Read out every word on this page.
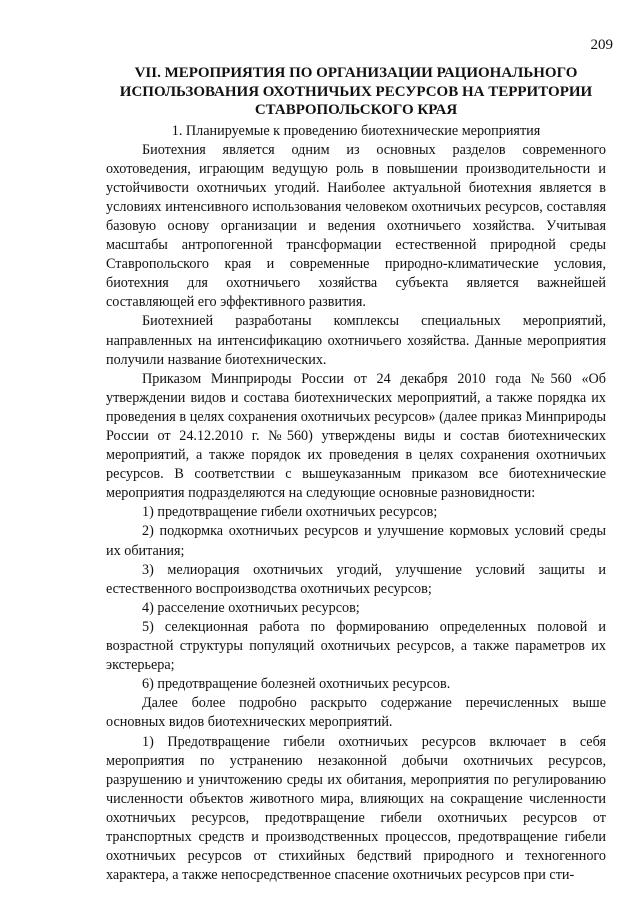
209
VII. МЕРОПРИЯТИЯ ПО ОРГАНИЗАЦИИ РАЦИОНАЛЬНОГО
ИСПОЛЬЗОВАНИЯ ОХОТНИЧЬИХ РЕСУРСОВ НА ТЕРРИТОРИИ
СТАВРОПОЛЬСКОГО КРАЯ

1. Планируемые к проведению биотехнические мероприятия

Биотехния является одним из основных разделов современного охотоведения, играющим ведущую роль в повышении производительности и устойчивости охотничьих угодий. Наиболее актуальной биотехния является в условиях интенсивного использования человеком охотничьих ресурсов, составляя базовую основу организации и ведения охотничьего хозяйства. Учитывая масштабы антропогенной трансформации естественной природной среды Ставропольского края и современные природно-климатические условия, биотехния для охотничьего хозяйства субъекта является важнейшей составляющей его эффективного развития.

Биотехнией разработаны комплексы специальных мероприятий, направленных на интенсификацию охотничьего хозяйства. Данные мероприятия получили название биотехнических.

Приказом Минприроды России от 24 декабря 2010 года №560 «Об утверждении видов и состава биотехнических мероприятий, а также порядка их проведения в целях сохранения охотничьих ресурсов» (далее приказ Минприроды России от 24.12.2010 г. №560) утверждены виды и состав биотехнических мероприятий, а также порядок их проведения в целях сохранения охотничьих ресурсов. В соответствии с вышеуказанным приказом все биотехнические мероприятия подразделяются на следующие основные разновидности:

1) предотвращение гибели охотничьих ресурсов;

2) подкормка охотничьих ресурсов и улучшение кормовых условий среды их обитания;

3) мелиорация охотничьих угодий, улучшение условий защиты и естественного воспроизводства охотничьих ресурсов;

4) расселение охотничьих ресурсов;

5) селекционная работа по формированию определенных половой и возрастной структуры популяций охотничьих ресурсов, а также параметров их экстерьера;

6) предотвращение болезней охотничьих ресурсов.

Далее более подробно раскрыто содержание перечисленных выше основных видов биотехнических мероприятий.

1) Предотвращение гибели охотничьих ресурсов включает в себя мероприятия по устранению незаконной добычи охотничьих ресурсов, разрушению и уничтожению среды их обитания, мероприятия по регулированию численности объектов животного мира, влияющих на сокращение численности охотничьих ресурсов, предотвращение гибели охотничьих ресурсов от транспортных средств и производственных процессов, предотвращение гибели охотничьих ресурсов от стихийных бедствий природного и техногенного характера, а также непосредственное спасение охотничьих ресурсов при сти-
